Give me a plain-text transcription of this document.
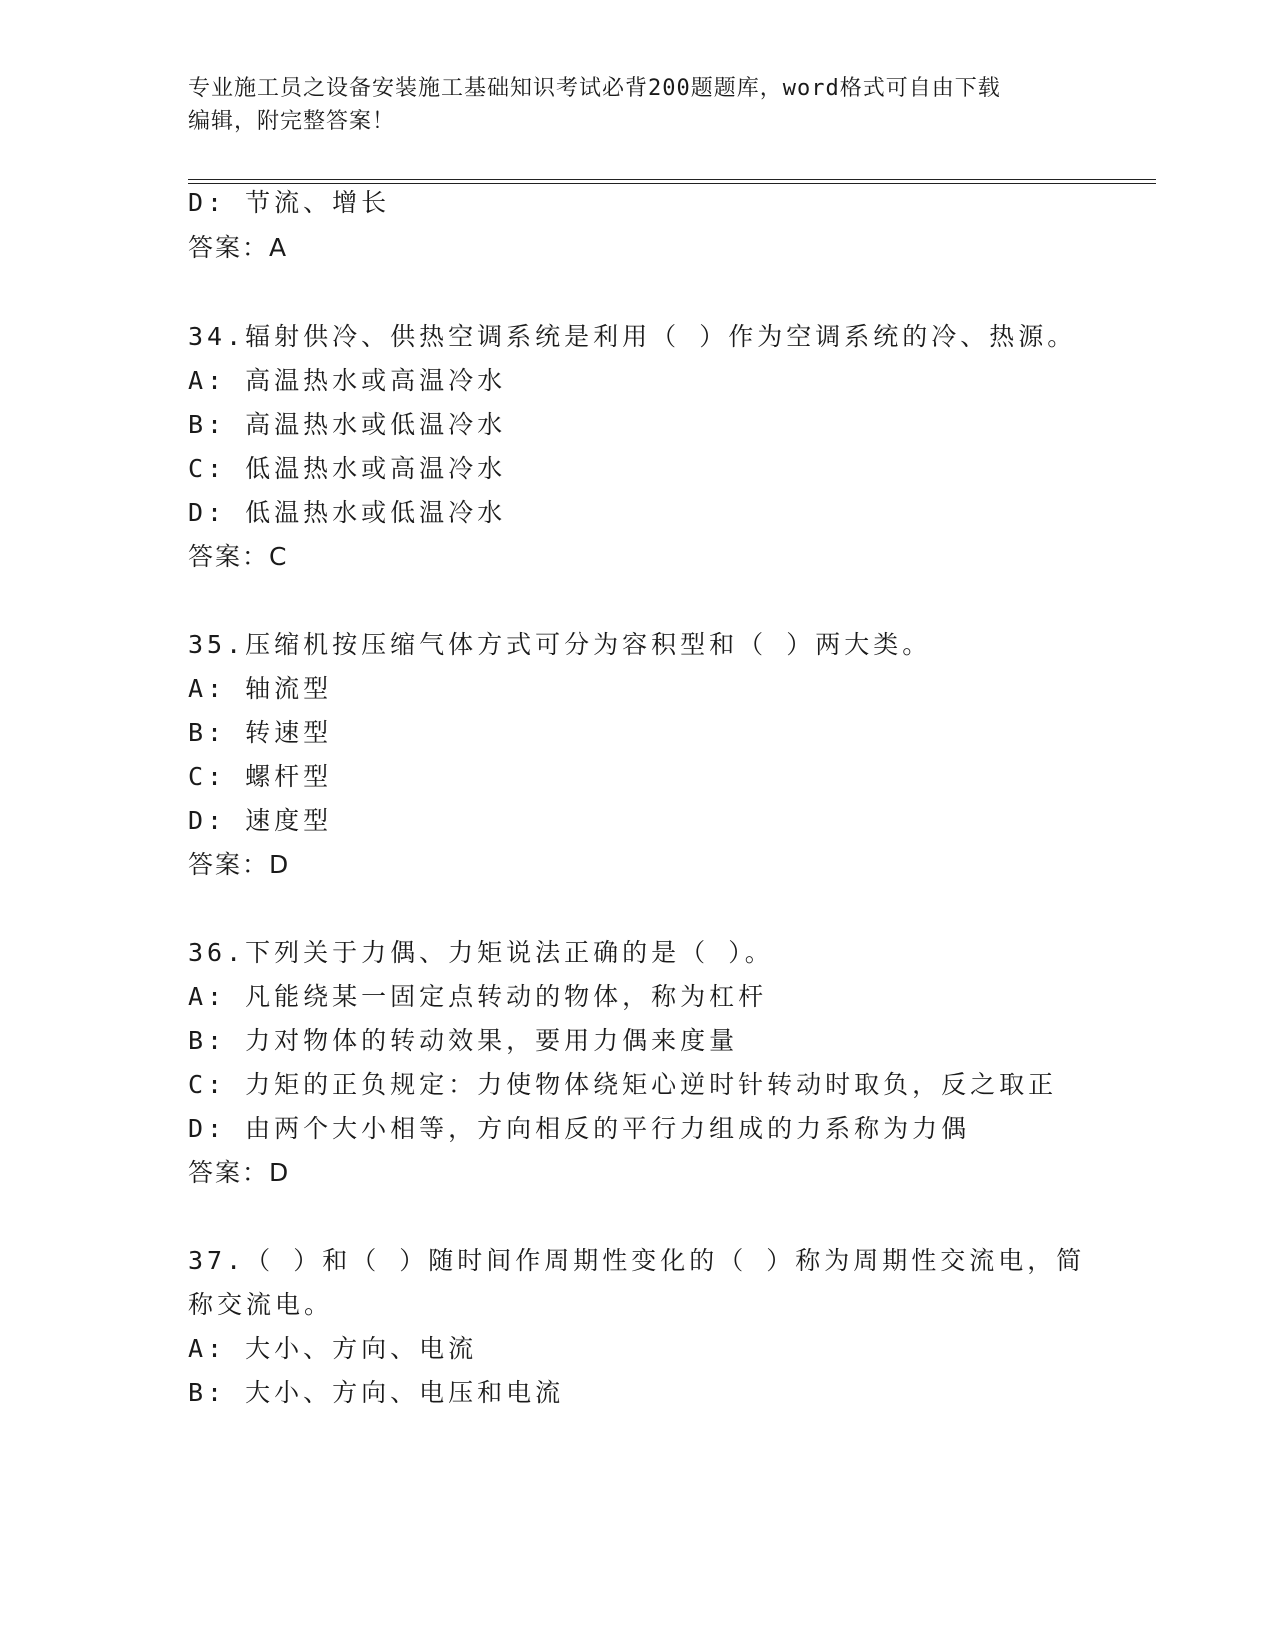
专业施工员之设备安装施工基础知识考试必背200题题库，word格式可自由下载
编辑，附完整答案！
D: 节流、增长
答案：A
34.辐射供冷、供热空调系统是利用（ ）作为空调系统的冷、热源。
A: 高温热水或高温冷水
B: 高温热水或低温冷水
C: 低温热水或高温冷水
D: 低温热水或低温冷水
答案：C
35.压缩机按压缩气体方式可分为容积型和（ ）两大类。
A: 轴流型
B: 转速型
C: 螺杆型
D: 速度型
答案：D
36.下列关于力偶、力矩说法正确的是（ ）。
A: 凡能绕某一固定点转动的物体，称为杠杆
B: 力对物体的转动效果，要用力偶来度量
C: 力矩的正负规定：力使物体绕矩心逆时针转动时取负，反之取正
D: 由两个大小相等，方向相反的平行力组成的力系称为力偶
答案：D
37.（ ）和（ ）随时间作周期性变化的（ ）称为周期性交流电，简
称交流电。
A: 大小、方向、电流
B: 大小、方向、电压和电流
